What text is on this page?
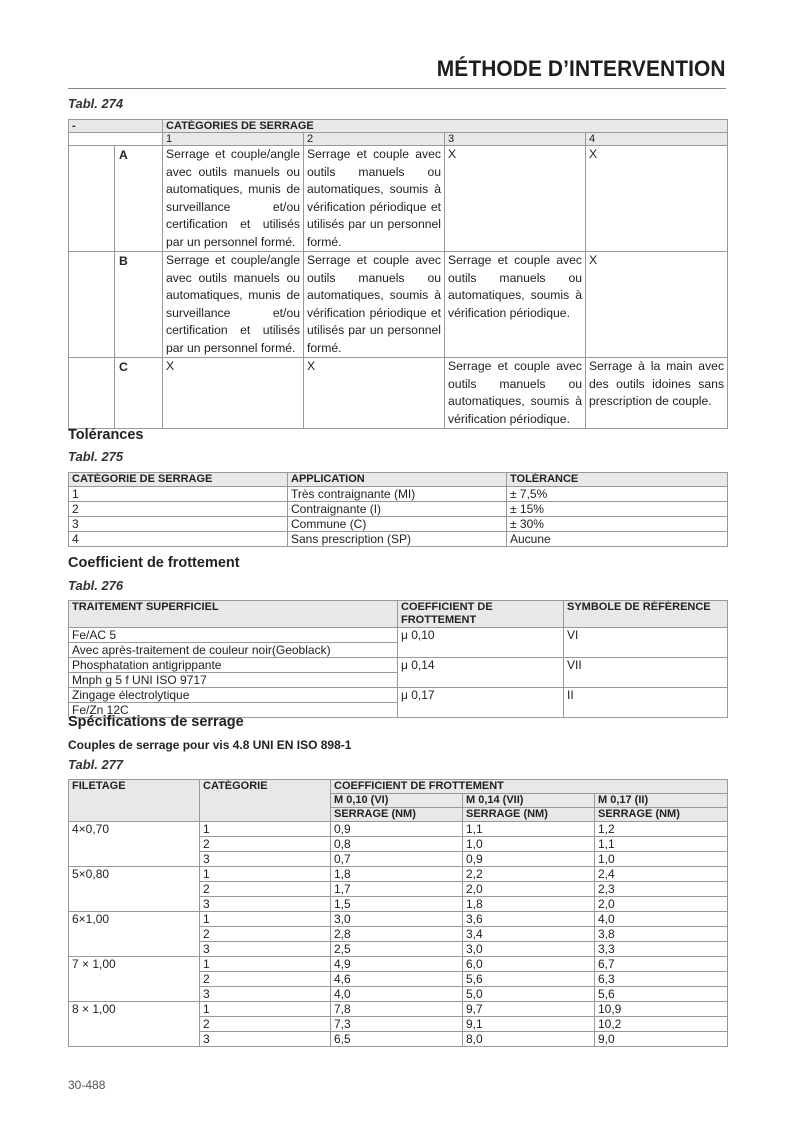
MÉTHODE D’INTERVENTION
Tabl. 274
-		CATÉGORIES DE SERRAGE			
		1	2	3	4
	A	Serrage et couple/angle avec outils manuels ou automatiques, munis de surveillance et/ou certification et utilisés par un personnel formé.	Serrage et couple avec outils manuels ou automatiques, soumis à vérification périodique et utilisés par un personnel formé.	X	X
	B	Serrage et couple/angle avec outils manuels ou automatiques, munis de surveillance et/ou certification et utilisés par un personnel formé.	Serrage et couple avec outils manuels ou automatiques, soumis à vérification périodique et utilisés par un personnel formé.	Serrage et couple avec outils manuels ou automatiques, soumis à vérification périodique.	X
	C	X	X	Serrage et couple avec outils manuels ou automatiques, soumis à vérification périodique.	Serrage à la main avec des outils idoines sans prescription de couple.
Tolérances
Tabl. 275
CATÉGORIE DE SERRAGE	APPLICATION	TOLÉRANCE
1	Très contraignante (MI)	± 7,5%
2	Contraignante (I)	± 15%
3	Commune (C)	± 30%
4	Sans prescription (SP)	Aucune
Coefficient de frottement
Tabl. 276
TRAITEMENT SUPERFICIEL	COEFFICIENT DE FROTTEMENT	SYMBOLE DE RÉFÉRENCE
Fe/AC 5	μ 0,10	VI
Avec après-traitement de couleur noir(Geoblack)		
Phosphatation antigrippante	μ 0,14	VII
Mnph g 5 f UNI ISO 9717		
Zingage électrolytique	μ 0,17	II
Fe/Zn 12C		
Spécifications de serrage
Couples de serrage pour vis 4.8 UNI EN ISO 898-1
Tabl. 277
FILETAGE	CATÉGORIE	COEFFICIENT DE FROTTEMENT		
		M 0,10 (VI)	M 0,14 (VII)	M 0,17 (II)
		SERRAGE (NM)	SERRAGE (NM)	SERRAGE (NM)
4×0,70	1	0,9	1,1	1,2
	2	0,8	1,0	1,1
	3	0,7	0,9	1,0
5×0,80	1	1,8	2,2	2,4
	2	1,7	2,0	2,3
	3	1,5	1,8	2,0
6×1,00	1	3,0	3,6	4,0
	2	2,8	3,4	3,8
	3	2,5	3,0	3,3
7 × 1,00	1	4,9	6,0	6,7
	2	4,6	5,6	6,3
	3	4,0	5,0	5,6
8 × 1,00	1	7,8	9,7	10,9
	2	7,3	9,1	10,2
	3	6,5	8,0	9,0
30-488
